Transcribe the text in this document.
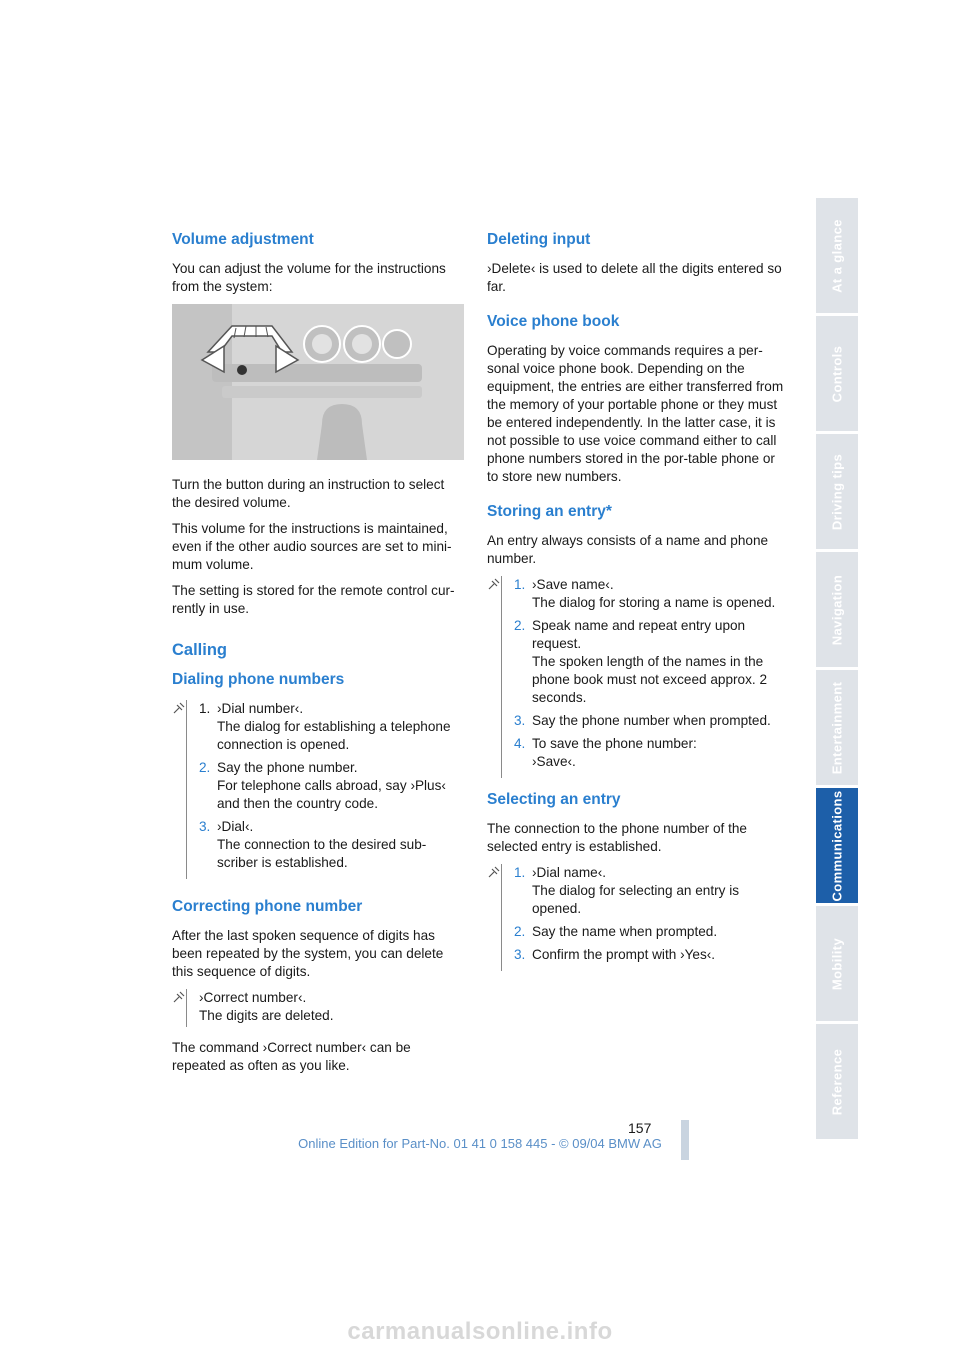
Volume adjustment

You can adjust the volume for the instructions from the system:

Turn the button during an instruction to select the desired volume.

This volume for the instructions is maintained, even if the other audio sources are set to mini-mum volume.

The setting is stored for the remote control cur-rently in use.

Calling
Dialing phone numbers
1. ›Dial number‹.
The dialog for establishing a telephone connection is opened.
2. Say the phone number.
For telephone calls abroad, say ›Plus‹ and then the country code.
3. ›Dial‹.
The connection to the desired sub-scriber is established.
Correcting phone number

After the last spoken sequence of digits has been repeated by the system, you can delete this sequence of digits.

›Correct number‹.

The digits are deleted.

The command ›Correct number‹ can be repeated as often as you like.

Deleting input

›Delete‹ is used to delete all the digits entered so far.

Voice phone book

Operating by voice commands requires a per-sonal voice phone book. Depending on the equipment, the entries are either transferred from the memory of your portable phone or they must be entered independently. In the latter case, it is not possible to use voice command either to call phone numbers stored in the por-table phone or to store new numbers.

Storing an entry*

An entry always consists of a name and phone number.

1. ›Save name‹.
The dialog for storing a name is opened.
2. Speak name and repeat entry upon request.
The spoken length of the names in the phone book must not exceed approx. 2 seconds.
3. Say the phone number when prompted.
4. To save the phone number:
›Save‹.
Selecting an entry

The connection to the phone number of the selected entry is established.

1. ›Dial name‹.
The dialog for selecting an entry is opened.
2. Say the name when prompted.
3. Confirm the prompt with ›Yes‹.
At a glance
Controls
Driving tips
Navigation
Entertainment
Communications
Mobility
Reference
157
Online Edition for Part-No. 01 41 0 158 445 - © 09/04 BMW AG
carmanualsonline.info
